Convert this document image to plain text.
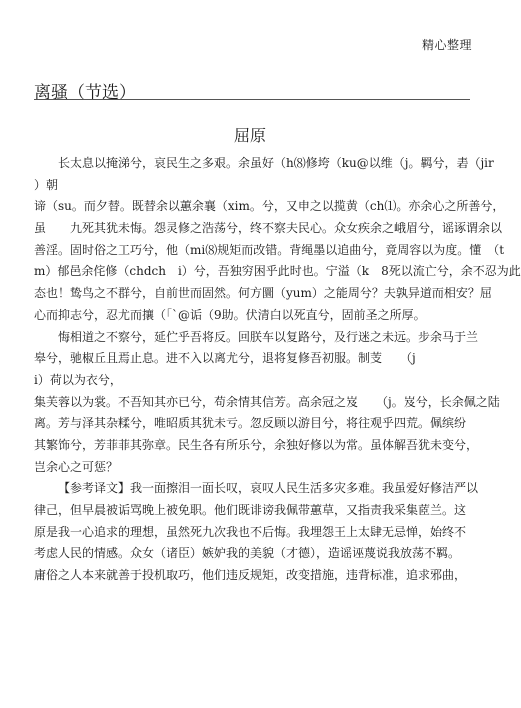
精心整理
离骚（节选）
屈原
长太息以掩涕兮，哀民生之多艰。余虽好（h⑻修垮（ku@以维（j。羁兮，砉（jir
）朝
谛（su。而夕替。既替余以蕙余襄（xim。兮，又申之以揽黄（ch⑴。亦余心之所善兮，
虽　　九死其犹未悔。怨灵修之浩荡兮，终不察夫民心。众女疾余之峨眉兮，谣诼谓余以
善淫。固时俗之工巧兮，他（mi⑻规矩而改错。背绳墨以追曲兮，竟周容以为度。懂　（t
m）郁邑余侘修（chdch　i）兮，吾独穷困乎此时也。宁溢（k　8死以流亡兮，余不忍为此
态也！鸷鸟之不群兮，自前世而固然。何方圜（yum）之能周兮？夫孰异道而相安？屈
心而抑志兮，忍尤而攘（「`@诟（9助。伏清白以死直兮，固前圣之所厚。
悔相道之不察兮，延伫乎吾将反。回朕车以复路兮，及行迷之未远。步余马于兰
皋兮，驰椒丘且焉止息。进不入以离尤兮，退将复修吾初服。制芰　　（j
i）荷以为衣兮，
集芙蓉以为裳。不吾知其亦已兮，苟余情其信芳。高余冠之岌　　（j。岌兮，长余佩之陆
离。芳与泽其杂糅兮，唯昭质其犹未亏。忽反顾以游目兮，将往观乎四荒。佩缤纷
其繁饰兮，芳菲菲其弥章。民生各有所乐兮，余独好修以为常。虽体解吾犹未变兮，
岂余心之可惩？
【参考译文】我一面擦泪一面长叹，哀叹人民生活多灾多难。我虽爱好修洁严以
律己，但早晨被诟骂晚上被免职。他们既诽谤我佩带蕙草，又指责我采集茝兰。这
原是我一心追求的理想，虽然死九次我也不后悔。我埋怨王上太肆无忌惮，始终不
考虑人民的情感。众女（诸臣）嫉妒我的美貌（才德），造谣诬蔑说我放荡不羁。
庸俗之人本来就善于投机取巧，他们违反规矩，改变措施，违背标准，追求邪曲，
